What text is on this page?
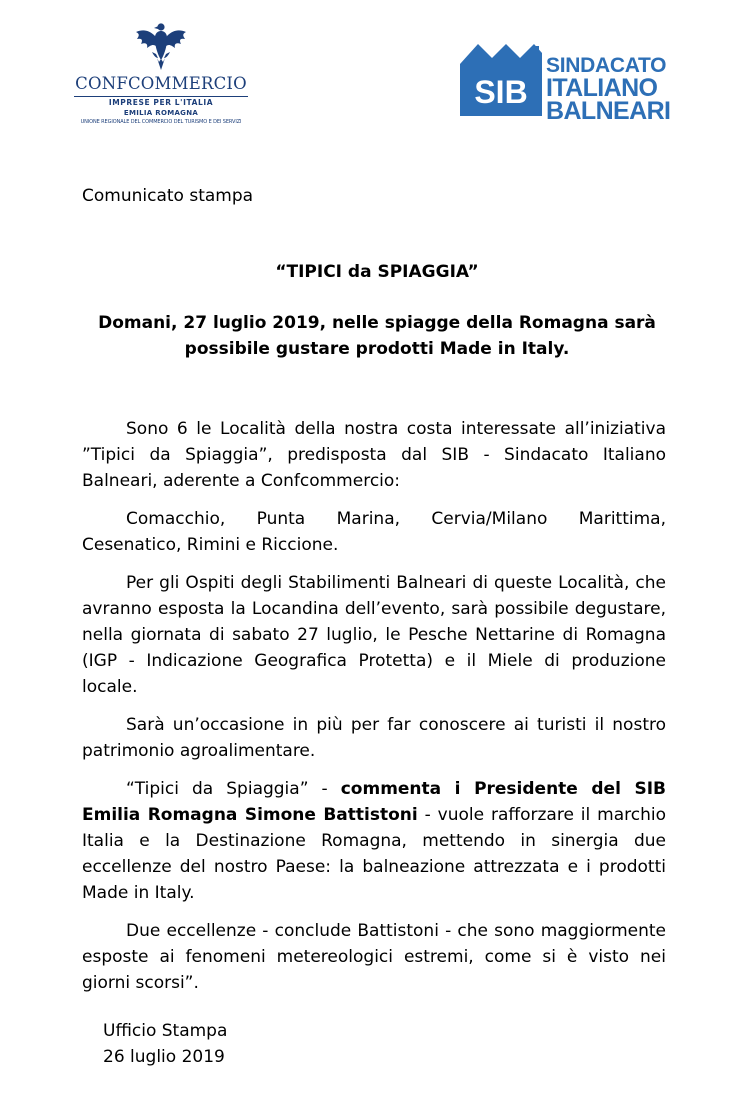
CONFCOMMERCIO
IMPRESE PER L'ITALIA
EMILIA ROMAGNA
UNIONE REGIONALE DEL COMMERCIO DEL TURISMO E DEI SERVIZI
SIB
SINDACATO
ITALIANO
BALNEARI
Comunicato stampa
“TIPICI da SPIAGGIA”
Domani, 27 luglio 2019, nelle spiagge della Romagna sarà
possibile gustare prodotti Made in Italy.

Sono 6 le Località della nostra costa interessate all’iniziativa ”Tipici da Spiaggia”, predisposta dal SIB - Sindacato Italiano Balneari, aderente a Confcommercio:

Comacchio, Punta Marina, Cervia/Milano Marittima, Cesenatico, Rimini e Riccione.

Per gli Ospiti degli Stabilimenti Balneari di queste Località, che avranno esposta la Locandina dell’evento, sarà possibile degustare, nella giornata di sabato 27 luglio, le Pesche Nettarine di Romagna (IGP - Indicazione Geografica Protetta) e il Miele di produzione locale.

Sarà un’occasione in più per far conoscere ai turisti il nostro patrimonio agroalimentare.

“Tipici da Spiaggia” - commenta i Presidente del SIB Emilia Romagna Simone Battistoni - vuole rafforzare il marchio Italia e la Destinazione Romagna, mettendo in sinergia due eccellenze del nostro Paese: la balneazione attrezzata e i prodotti Made in Italy.

Due eccellenze - conclude Battistoni - che sono maggiormente esposte ai fenomeni metereologici estremi, come si è visto nei giorni scorsi”.

Ufficio Stampa
26 luglio 2019
